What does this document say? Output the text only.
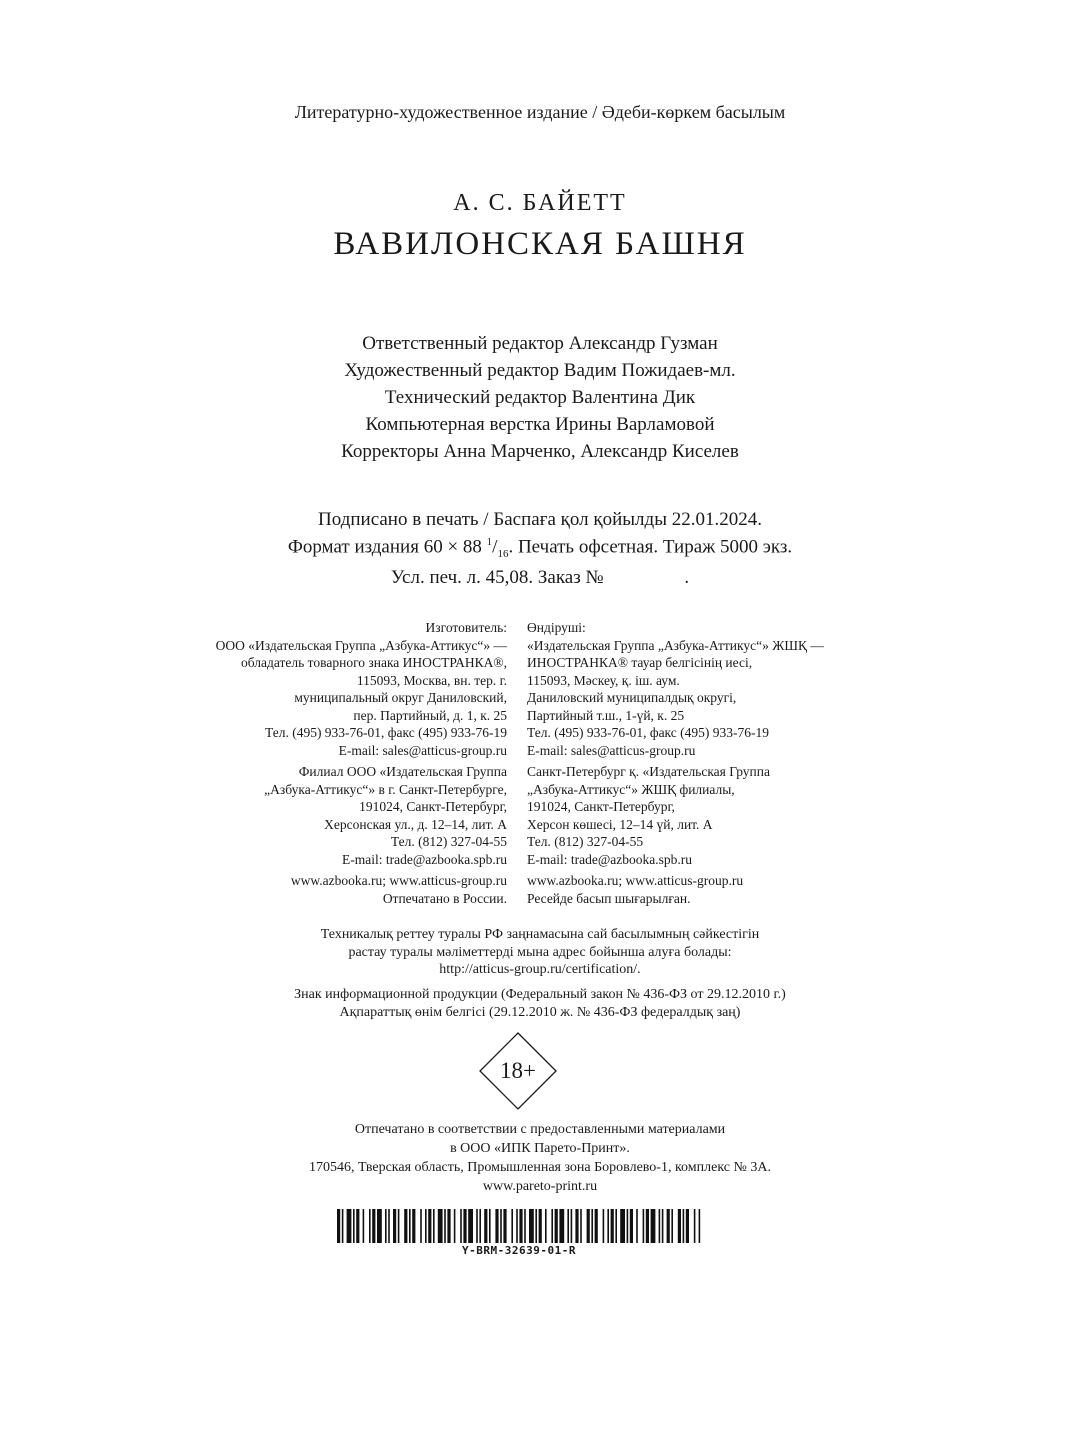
Литературно-художественное издание / Әдеби-көркем басылым
А. С. БАЙЕТТ
ВАВИЛОНСКАЯ БАШНЯ
Ответственный редактор Александр Гузман
Художественный редактор Вадим Пожидаев-мл.
Технический редактор Валентина Дик
Компьютерная верстка Ирины Варламовой
Корректоры Анна Марченко, Александр Киселев
Подписано в печать / Баспаға қол қойылды 22.01.2024.
Формат издания 60 × 88 $^1/_{16}$. Печать офсетная. Тираж 5000 экз.
Усл. печ. л. 45,08. Заказ №                 .
Изготовитель:
ООО «Издательская Группа „Азбука-Аттикус“» —
обладатель товарного знака ИНОСТРАНКА®,
115093, Москва, вн. тер. г.
муниципальный округ Даниловский,
пер. Партийный, д. 1, к. 25
Тел. (495) 933-76-01, факс (495) 933-76-19
E-mail: sales@atticus-group.ru
Өндіруші:
«Издательская Группа „Азбука-Аттикус“» ЖШҚ —
ИНОСТРАНКА® тауар белгісінің иесі,
115093, Мәскеу, қ. іш. аум.
Даниловский муниципалдық округі,
Партийный т.ш., 1-үй, к. 25
Тел. (495) 933-76-01, факс (495) 933-76-19
E-mail: sales@atticus-group.ru
Филиал ООО «Издательская Группа
„Азбука-Аттикус“» в г. Санкт-Петербурге,
191024, Санкт-Петербург,
Херсонская ул., д. 12–14, лит. А
Тел. (812) 327-04-55
E-mail: trade@azbooka.spb.ru
Санкт-Петербург қ. «Издательская Группа
„Азбука-Аттикус“» ЖШҚ филиалы,
191024, Санкт-Петербург,
Херсон көшесі, 12–14 үй, лит. А
Тел. (812) 327-04-55
E-mail: trade@azbooka.spb.ru
www.azbooka.ru; www.atticus-group.ru
Отпечатано в России.
www.azbooka.ru; www.atticus-group.ru
Ресейде басып шығарылған.
Техникалық реттеу туралы РФ заңнамасына сай басылымның сәйкестігін
растау туралы мәліметтерді мына адрес бойынша алуға болады:
http://atticus-group.ru/certification/.
Знак информационной продукции (Федеральный закон № 436-ФЗ от 29.12.2010 г.)
Ақпараттық өнім белгісі (29.12.2010 ж. № 436-ФЗ федералдық заң)
18+
Отпечатано в соответствии с предоставленными материалами
в ООО «ИПК Парето-Принт».
170546, Тверская область, Промышленная зона Боровлево-1, комплекс № 3А.
www.pareto-print.ru
Y-BRM-32639-01-R
